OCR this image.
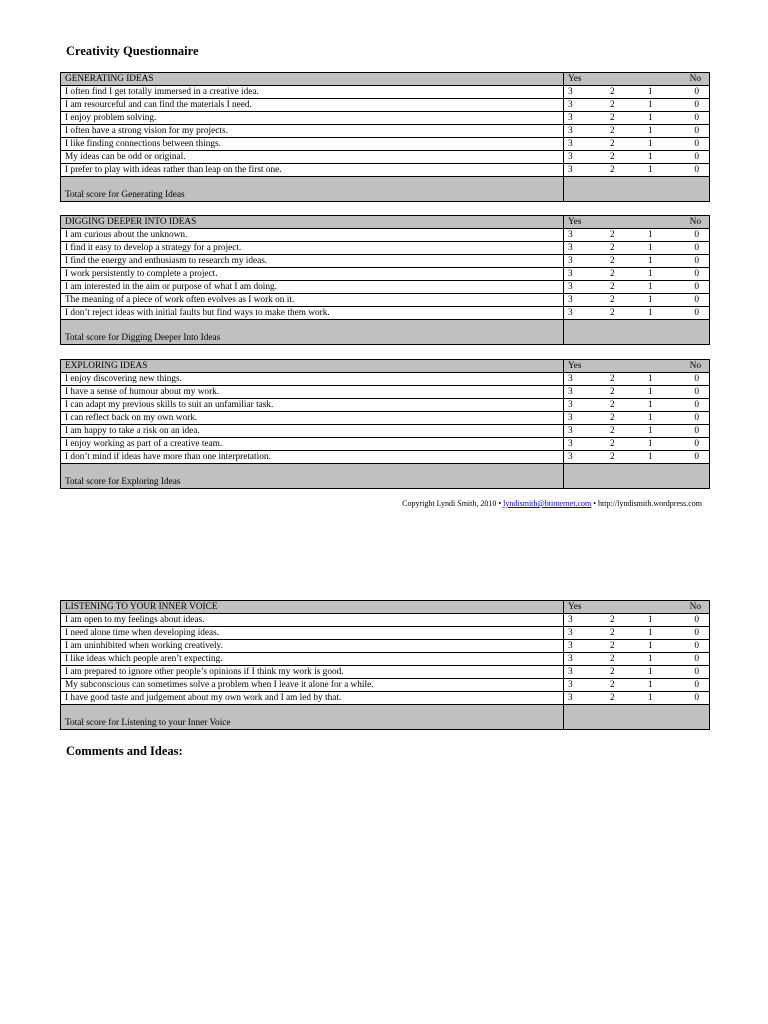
Creativity Questionnaire
GENERATING IDEAS	Yes No

I often find I get totally immersed in a creative idea.	3 2 1 0

I am resourceful and can find the materials I need.	3 2 1 0

I enjoy problem solving.	3 2 1 0

I often have a strong vision for my projects.	3 2 1 0

I like finding connections between things.	3 2 1 0

My ideas can be odd or original.	3 2 1 0

I prefer to play with ideas rather than leap on the first one.	3 2 1 0

Total score for Generating Ideas	
DIGGING DEEPER INTO IDEAS	Yes No

I am curious about the unknown.	3 2 1 0

I find it easy to develop a strategy for a project.	3 2 1 0

I find the energy and enthusiasm to research my ideas.	3 2 1 0

I work persistently to complete a project.	3 2 1 0

I am interested in the aim or purpose of what I am doing.	3 2 1 0

The meaning of a piece of work often evolves as I work on it.	3 2 1 0

I don’t reject ideas with initial faults but find ways to make them work.	3 2 1 0

Total score for Digging Deeper Into Ideas	
EXPLORING IDEAS	Yes No

I enjoy discovering new things.	3 2 1 0

I have a sense of humour about my work.	3 2 1 0

I can adapt my previous skills to suit an unfamiliar task.	3 2 1 0

I can reflect back on my own work.	3 2 1 0

I am happy to take a risk on an idea.	3 2 1 0

I enjoy working as part of a creative team.	3 2 1 0

I don’t mind if ideas have more than one interpretation.	3 2 1 0

Total score for Exploring Ideas	
Copyright Lyndi Smith, 2010 • lyndismith@btinternet.com • http://lyndismith.wordpress.com
LISTENING TO YOUR INNER VOICE	Yes No

I am open to my feelings about ideas.	3 2 1 0

I need alone time when developing ideas.	3 2 1 0

I am uninhibited when working creatively.	3 2 1 0

I like ideas which people aren’t expecting.	3 2 1 0

I am prepared to ignore other people’s opinions if I think my work is good.	3 2 1 0

My subconscious can sometimes solve a problem when I leave it alone for a while.	3 2 1 0

I have good taste and judgement about my own work and I am led by that.	3 2 1 0

Total score for Listening to your Inner Voice	
Comments and Ideas:
